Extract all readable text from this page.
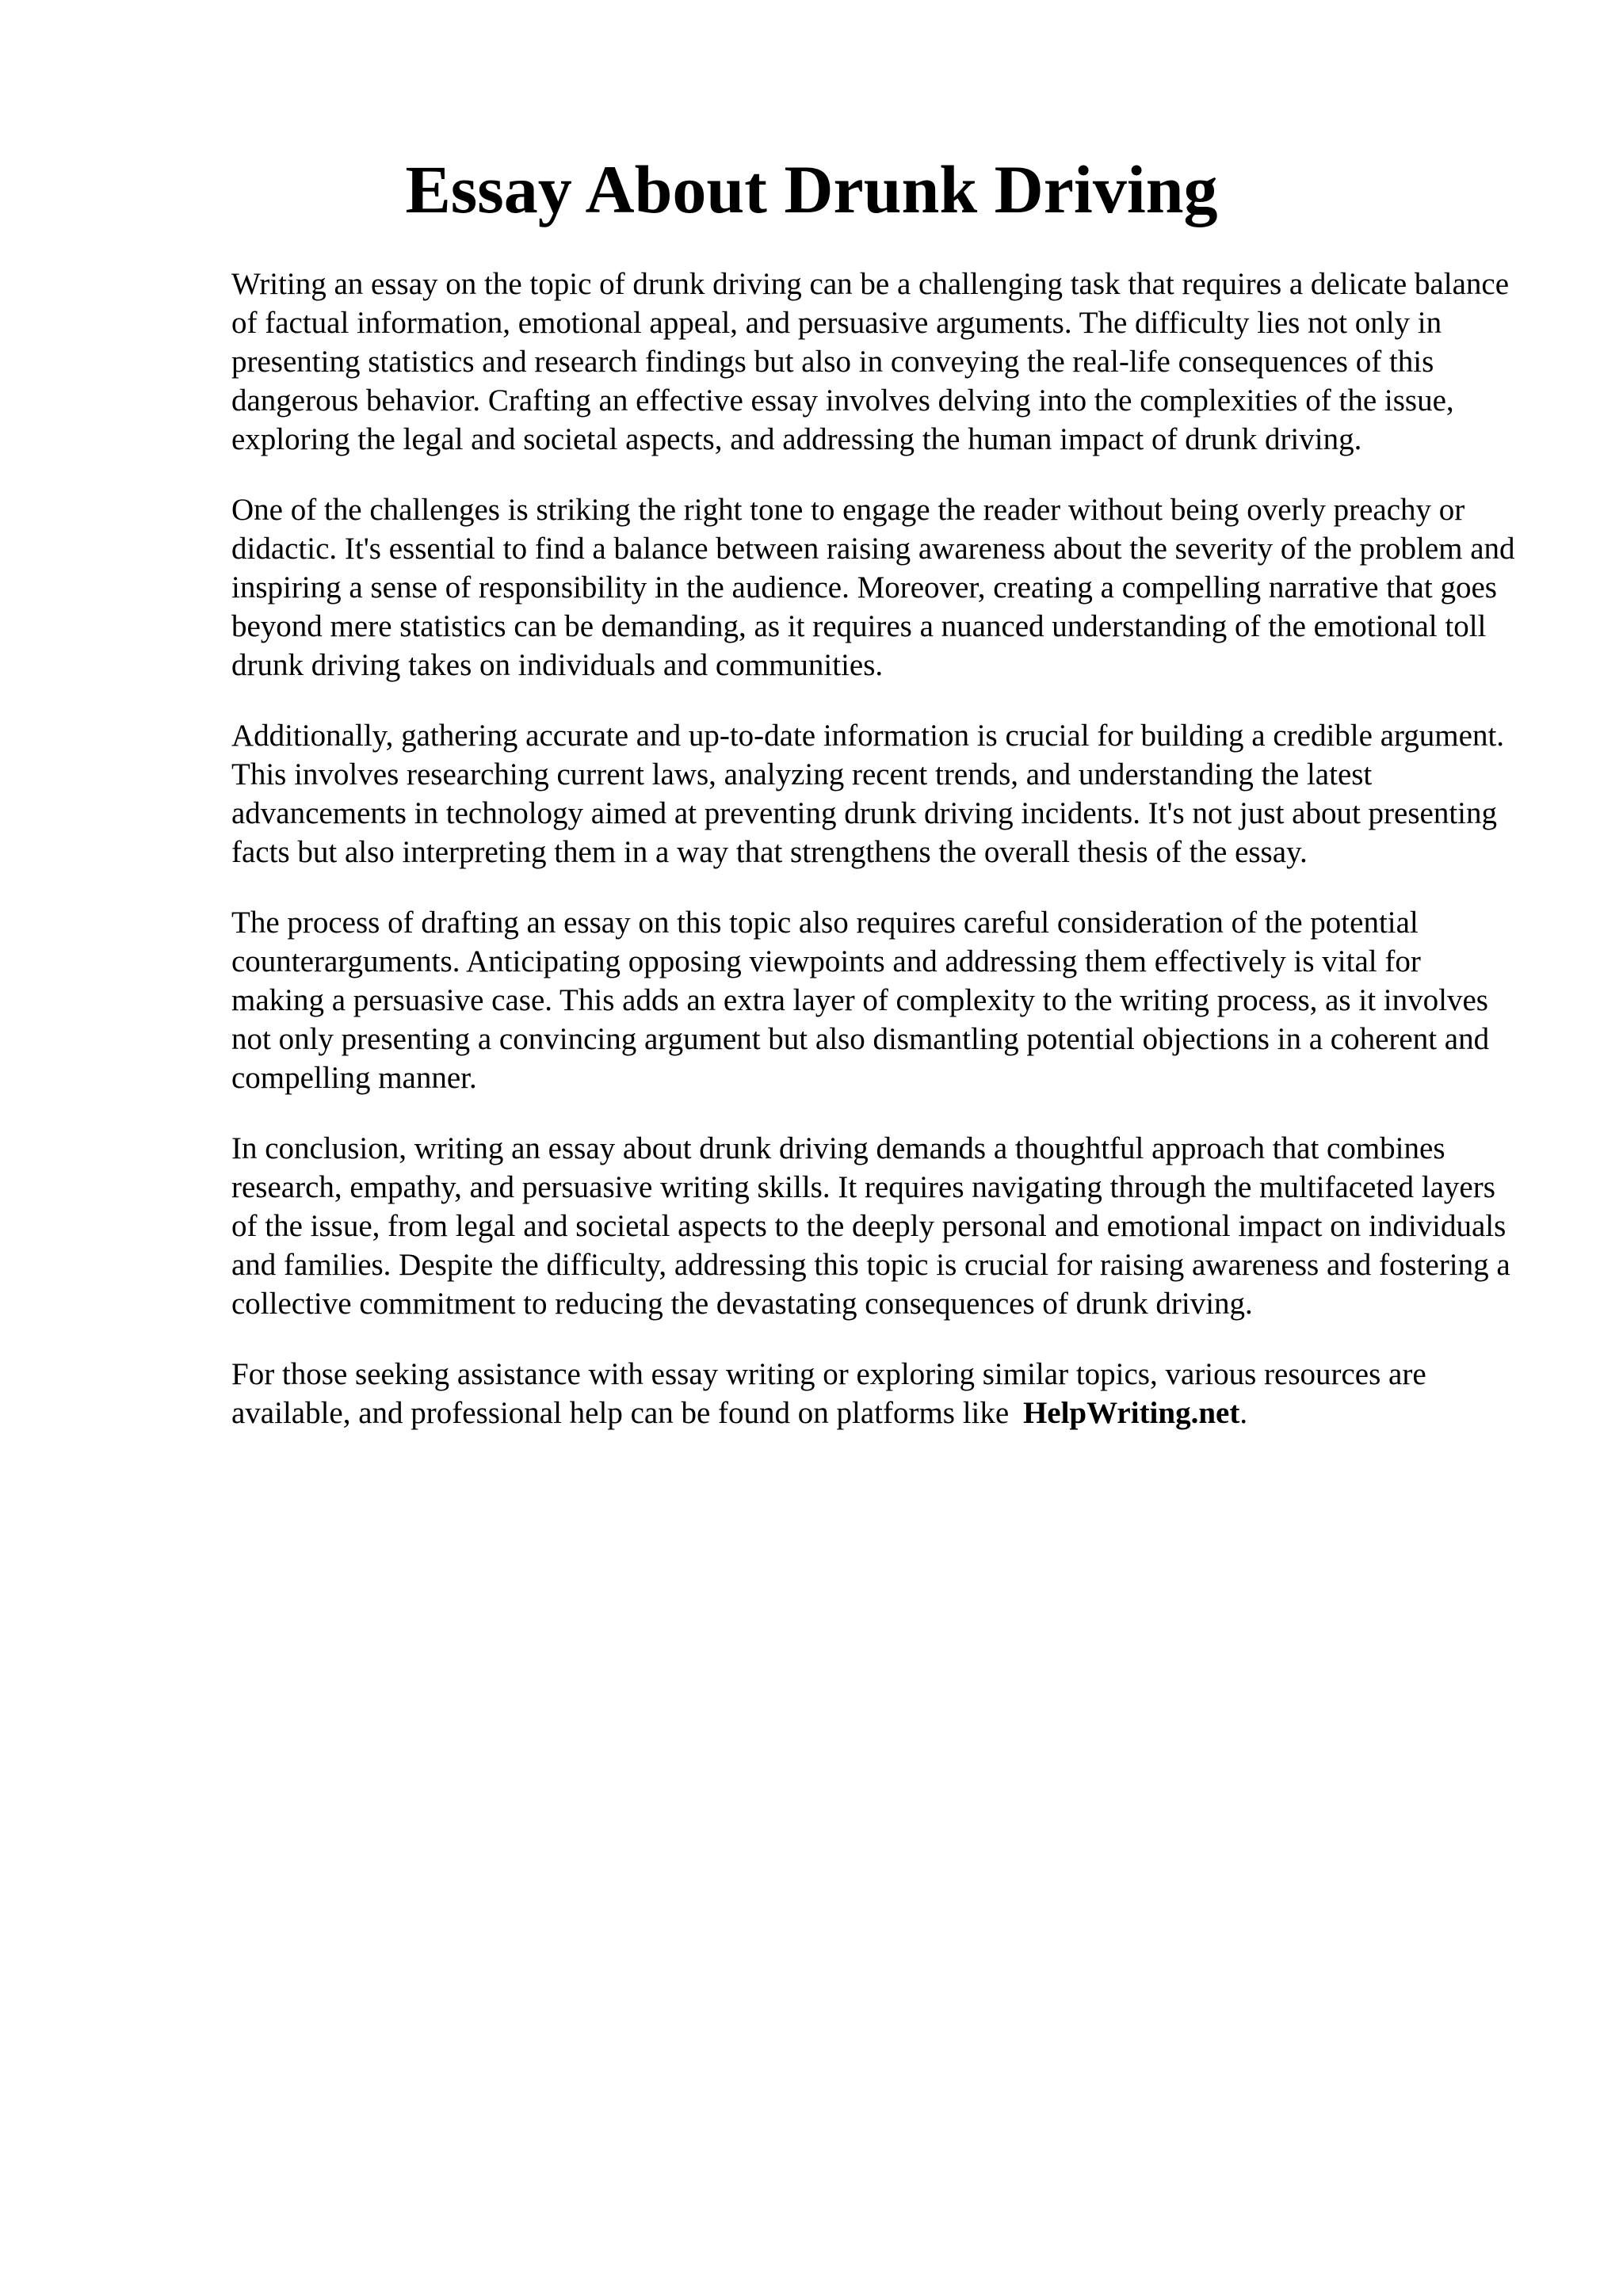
Essay About Drunk Driving

Writing an essay on the topic of drunk driving can be a challenging task that requires a delicate balance of factual information, emotional appeal, and persuasive arguments. The difficulty lies not only in presenting statistics and research findings but also in conveying the real-life consequences of this dangerous behavior. Crafting an effective essay involves delving into the complexities of the issue, exploring the legal and societal aspects, and addressing the human impact of drunk driving.

One of the challenges is striking the right tone to engage the reader without being overly preachy or didactic. It's essential to find a balance between raising awareness about the severity of the problem and inspiring a sense of responsibility in the audience. Moreover, creating a compelling narrative that goes beyond mere statistics can be demanding, as it requires a nuanced understanding of the emotional toll drunk driving takes on individuals and communities.

Additionally, gathering accurate and up-to-date information is crucial for building a credible argument. This involves researching current laws, analyzing recent trends, and understanding the latest advancements in technology aimed at preventing drunk driving incidents. It's not just about presenting facts but also interpreting them in a way that strengthens the overall thesis of the essay.

The process of drafting an essay on this topic also requires careful consideration of the potential counterarguments. Anticipating opposing viewpoints and addressing them effectively is vital for making a persuasive case. This adds an extra layer of complexity to the writing process, as it involves not only presenting a convincing argument but also dismantling potential objections in a coherent and compelling manner.

In conclusion, writing an essay about drunk driving demands a thoughtful approach that combines research, empathy, and persuasive writing skills. It requires navigating through the multifaceted layers of the issue, from legal and societal aspects to the deeply personal and emotional impact on individuals and families. Despite the difficulty, addressing this topic is crucial for raising awareness and fostering a collective commitment to reducing the devastating consequences of drunk driving.

For those seeking assistance with essay writing or exploring similar topics, various resources are available, and professional help can be found on platforms like HelpWriting.net.
